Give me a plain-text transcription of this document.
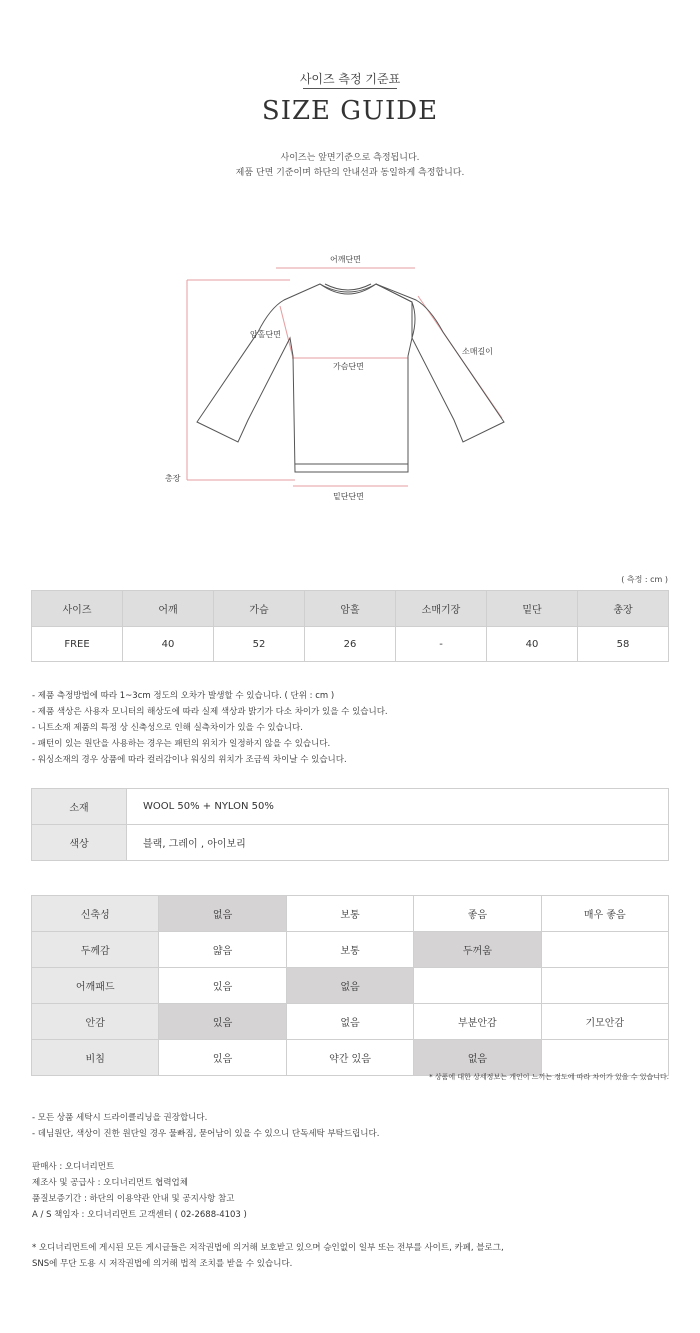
사이즈 측정 기준표
SIZE GUIDE
사이즈는 앞면기준으로 측정됩니다.
제품 단면 기준이며 하단의 안내선과 동일하게 측정합니다.
어깨단면
암홀단면
소매길이
가슴단면
총장
밑단단면
( 측정 : cm )
사이즈	어깨	가슴	암홀	소매기장	밑단	총장
FREE	40	52	26	-	40	58
- 제품 측정방법에 따라 1~3cm 정도의 오차가 발생할 수 있습니다. ( 단위 : cm )
- 제품 색상은 사용자 모니터의 해상도에 따라 실제 색상과 밝기가 다소 차이가 있을 수 있습니다.
- 니트소재 제품의 특정 상 신축성으로 인해 실측차이가 있을 수 있습니다.
- 패턴이 있는 원단을 사용하는 경우는 패턴의 위치가 일정하지 않을 수 있습니다.
- 워싱소재의 경우 상품에 따라 컬러감이나 워싱의 위치가 조금씩 차이날 수 있습니다.
소재	WOOL 50% + NYLON 50%
색상	블랙, 그레이 , 아이보리
신축성	없음	보통	좋음	매우 좋음
두께감	얇음	보통	두꺼움	
어깨패드	있음	없음		
안감	있음	없음	부분안감	기모안감
비침	있음	약간 있음	없음	
* 상품에 대한 상세정보는 개인이 느끼는 정도에 따라 차이가 있을 수 있습니다.
- 모든 상품 세탁시 드라이클리닝을 권장합니다.
- 데님원단, 색상이 진한 원단일 경우 물빠짐, 묻어남이 있을 수 있으니 단독세탁 부탁드립니다.
판매사 : 오디너리먼트
제조사 및 공급사 : 오디너리먼트 협력업체
품질보증기간 : 하단의 이용약관 안내 및 공지사항 참고
A / S 책임자 : 오디너리먼트 고객센터 ( 02-2688-4103 )
* 오디너리먼트에 게시된 모든 게시글들은 저작권법에 의거해 보호받고 있으며 승인없이 일부 또는 전부를 사이트, 카페, 블로그,
SNS에 무단 도용 시 저작권법에 의거해 법적 조치를 받을 수 있습니다.
